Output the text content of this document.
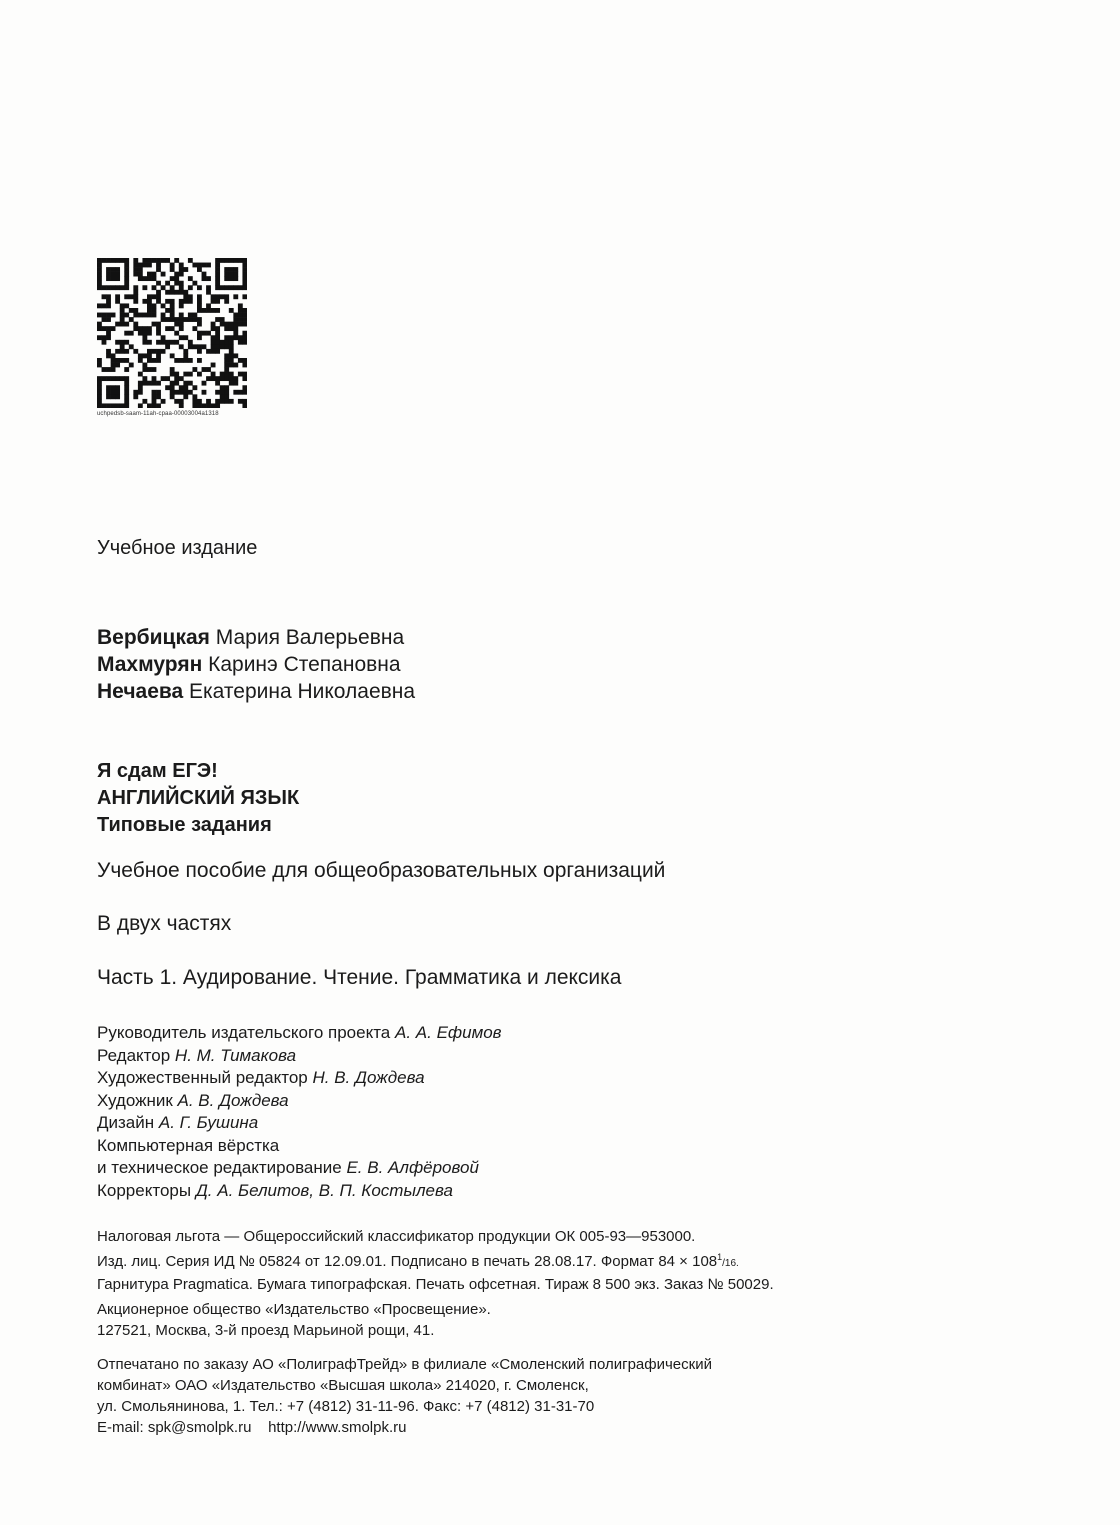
uchpedsb-saam-11ah-cpaa-00003004a1318
Учебное издание
Вербицкая Мария Валерьевна
Махмурян Каринэ Степановна
Нечаева Екатерина Николаевна
Я сдам ЕГЭ!
АНГЛИЙСКИЙ ЯЗЫК
Типовые задания
Учебное пособие для общеобразовательных организаций
В двух частях
Часть 1. Аудирование. Чтение. Грамматика и лексика
Руководитель издательского проекта А. А. Ефимов
Редактор Н. М. Тимакова
Художественный редактор Н. В. Дождева
Художник А. В. Дождева
Дизайн А. Г. Бушина
Компьютерная вёрстка
и техническое редактирование Е. В. Алфёровой
Корректоры Д. А. Белитов, В. П. Костылева
Налоговая льгота — Общероссийский классификатор продукции ОК 005-93—953000.
Изд. лиц. Серия ИД № 05824 от 12.09.01. Подписано в печать 28.08.17. Формат $84 \times 108^1/16$.
Гарнитура Pragmatica. Бумага типографская. Печать офсетная. Тираж 8 500 экз. Заказ № 50029.
Акционерное общество «Издательство «Просвещение».
127521, Москва, 3-й проезд Марьиной рощи, 41.
Отпечатано по заказу АО «ПолиграфТрейд» в филиале «Смоленский полиграфический
комбинат» ОАО «Издательство «Высшая школа» 214020, г. Смоленск,
ул. Смольянинова, 1. Тел.: +7 (4812) 31-11-96. Факс: +7 (4812) 31-31-70
E-mail: spk@smolpk.ru    http://www.smolpk.ru
